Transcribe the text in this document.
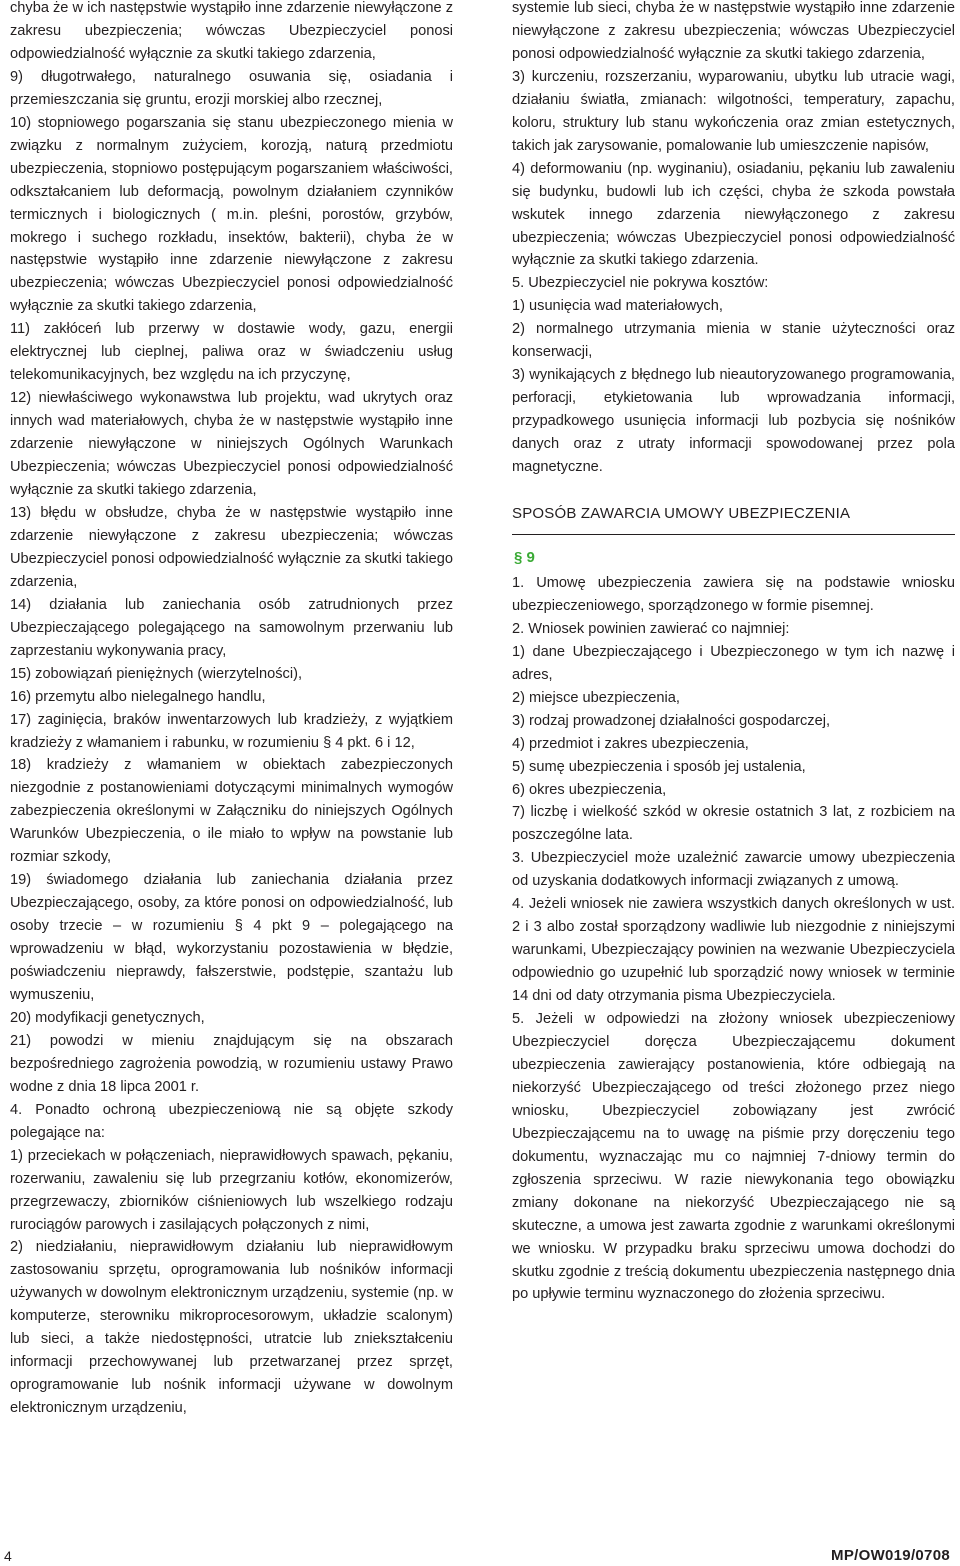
chyba że w ich następstwie wystąpiło inne zdarzenie niewyłączone z zakresu ubezpieczenia; wówczas Ubezpieczyciel ponosi odpowiedzialność wyłącznie za skutki takiego zdarzenia,

9) długotrwałego, naturalnego osuwania się, osiadania i przemieszczania się gruntu, erozji morskiej albo rzecznej,

10) stopniowego pogarszania się stanu ubezpieczonego mienia w związku z normalnym zużyciem, korozją, naturą przedmiotu ubezpieczenia, stopniowo postępującym pogarszaniem właściwości, odkształcaniem lub deformacją, powolnym działaniem czynników termicznych i biologicznych ( m.in. pleśni, porostów, grzybów, mokrego i suchego rozkładu, insektów, bakterii), chyba że w następstwie wystąpiło inne zdarzenie niewyłączone z zakresu ubezpieczenia; wówczas Ubezpieczyciel ponosi odpowiedzialność wyłącznie za skutki takiego zdarzenia,

11) zakłóceń lub przerwy w dostawie wody, gazu, energii elektrycznej lub cieplnej, paliwa oraz w świadczeniu usług telekomunikacyjnych, bez względu na ich przyczynę,

12) niewłaściwego wykonawstwa lub projektu, wad ukrytych oraz innych wad materiałowych, chyba że w następstwie wystąpiło inne zdarzenie niewyłączone w niniejszych Ogólnych Warunkach Ubezpieczenia; wówczas Ubezpieczyciel ponosi odpowiedzialność wyłącznie za skutki takiego zdarzenia,

13) błędu w obsłudze, chyba że w następstwie wystąpiło inne zdarzenie niewyłączone z zakresu ubezpieczenia; wówczas Ubezpieczyciel ponosi odpowiedzialność wyłącznie za skutki takiego zdarzenia,

14) działania lub zaniechania osób zatrudnionych przez Ubezpieczającego polegającego na samowolnym przerwaniu lub zaprzestaniu wykonywania pracy,

15) zobowiązań pieniężnych (wierzytelności),

16) przemytu albo nielegalnego handlu,

17) zaginięcia, braków inwentarzowych lub kradzieży, z wyjątkiem kradzieży z włamaniem i rabunku, w rozumieniu § 4 pkt. 6 i 12,

18) kradzieży z włamaniem w obiektach zabezpieczonych niezgodnie z postanowieniami dotyczącymi minimalnych wymogów zabezpieczenia określonymi w Załączniku do niniejszych Ogólnych Warunków Ubezpieczenia, o ile miało to wpływ na powstanie lub rozmiar szkody,

19) świadomego działania lub zaniechania działania przez Ubezpieczającego, osoby, za które ponosi on odpowiedzialność, lub osoby trzecie – w rozumieniu § 4 pkt 9 – polegającego na wprowadzeniu w błąd, wykorzystaniu pozostawienia w błędzie, poświadczeniu nieprawdy, fałszerstwie, podstępie, szantażu lub wymuszeniu,

20) modyfikacji genetycznych,

21) powodzi w mieniu znajdującym się na obszarach bezpośredniego zagrożenia powodzią, w rozumieniu ustawy Prawo wodne z dnia 18 lipca 2001 r.

4. Ponadto ochroną ubezpieczeniową nie są objęte szkody polegające na:

1) przeciekach w połączeniach, nieprawidłowych spawach, pękaniu, rozerwaniu, zawaleniu się lub przegrzaniu kotłów, ekonomizerów, przegrzewaczy, zbiorników ciśnieniowych lub wszelkiego rodzaju rurociągów parowych i zasilających połączonych z nimi,

2) niedziałaniu, nieprawidłowym działaniu lub nieprawidłowym zastosowaniu sprzętu, oprogramowania lub nośników informacji używanych w dowolnym elektronicznym urządzeniu, systemie (np. w komputerze, sterowniku mikroprocesorowym, układzie scalonym) lub sieci, a także niedostępności, utratcie lub zniekształceniu informacji przechowywanej lub przetwarzanej przez sprzęt, oprogramowanie lub nośnik informacji używane w dowolnym elektronicznym urządzeniu,

systemie lub sieci, chyba że w następstwie wystąpiło inne zdarzenie niewyłączone z zakresu ubezpieczenia; wówczas Ubezpieczyciel ponosi odpowiedzialność wyłącznie za skutki takiego zdarzenia,

3) kurczeniu, rozszerzaniu, wyparowaniu, ubytku lub utracie wagi, działaniu światła, zmianach: wilgotności, temperatury, zapachu, koloru, struktury lub stanu wykończenia oraz zmian estetycznych, takich jak zarysowanie, pomalowanie lub umieszczenie napisów,

4) deformowaniu (np. wyginaniu), osiadaniu, pękaniu lub zawaleniu się budynku, budowli lub ich części, chyba że szkoda powstała wskutek innego zdarzenia niewyłączonego z zakresu ubezpieczenia; wówczas Ubezpieczyciel ponosi odpowiedzialność wyłącznie za skutki takiego zdarzenia.

5. Ubezpieczyciel nie pokrywa kosztów:

1) usunięcia wad materiałowych,

2) normalnego utrzymania mienia w stanie użyteczności oraz konserwacji,

3) wynikających z błędnego lub nieautoryzowanego programowania, perforacji, etykietowania lub wprowadzania informacji, przypadkowego usunięcia informacji lub pozbycia się nośników danych oraz z utraty informacji spowodowanej przez pola magnetyczne.

SPOSÓB ZAWARCIA UMOWY UBEZPIECZENIA

§ 9

1. Umowę ubezpieczenia zawiera się na podstawie wniosku ubezpieczeniowego, sporządzonego w formie pisemnej.

2. Wniosek powinien zawierać co najmniej:

1) dane Ubezpieczającego i Ubezpieczonego w tym ich nazwę i adres,

2) miejsce ubezpieczenia,

3) rodzaj prowadzonej działalności gospodarczej,

4) przedmiot i zakres ubezpieczenia,

5) sumę ubezpieczenia i sposób jej ustalenia,

6) okres ubezpieczenia,

7) liczbę i wielkość szkód w okresie ostatnich 3 lat, z rozbiciem na poszczególne lata.

3. Ubezpieczyciel może uzależnić zawarcie umowy ubezpieczenia od uzyskania dodatkowych informacji związanych z umową.

4. Jeżeli wniosek nie zawiera wszystkich danych określonych w ust. 2 i 3 albo został sporządzony wadliwie lub niezgodnie z niniejszymi warunkami, Ubezpieczający powinien na wezwanie Ubezpieczyciela odpowiednio go uzupełnić lub sporządzić nowy wniosek w terminie 14 dni od daty otrzymania pisma Ubezpieczyciela.

5. Jeżeli w odpowiedzi na złożony wniosek ubezpieczeniowy Ubezpieczyciel doręcza Ubezpieczającemu dokument ubezpieczenia zawierający postanowienia, które odbiegają na niekorzyść Ubezpieczającego od treści złożonego przez niego wniosku, Ubezpieczyciel zobowiązany jest zwrócić Ubezpieczającemu na to uwagę na piśmie przy doręczeniu tego dokumentu, wyznaczając mu co najmniej 7-dniowy termin do zgłoszenia sprzeciwu. W razie niewykonania tego obowiązku zmiany dokonane na niekorzyść Ubezpieczającego nie są skuteczne, a umowa jest zawarta zgodnie z warunkami określonymi we wniosku. W przypadku braku sprzeciwu umowa dochodzi do skutku zgodnie z treścią dokumentu ubezpieczenia następnego dnia po upływie terminu wyznaczonego do złożenia sprzeciwu.

4	MP/OW019/0708
